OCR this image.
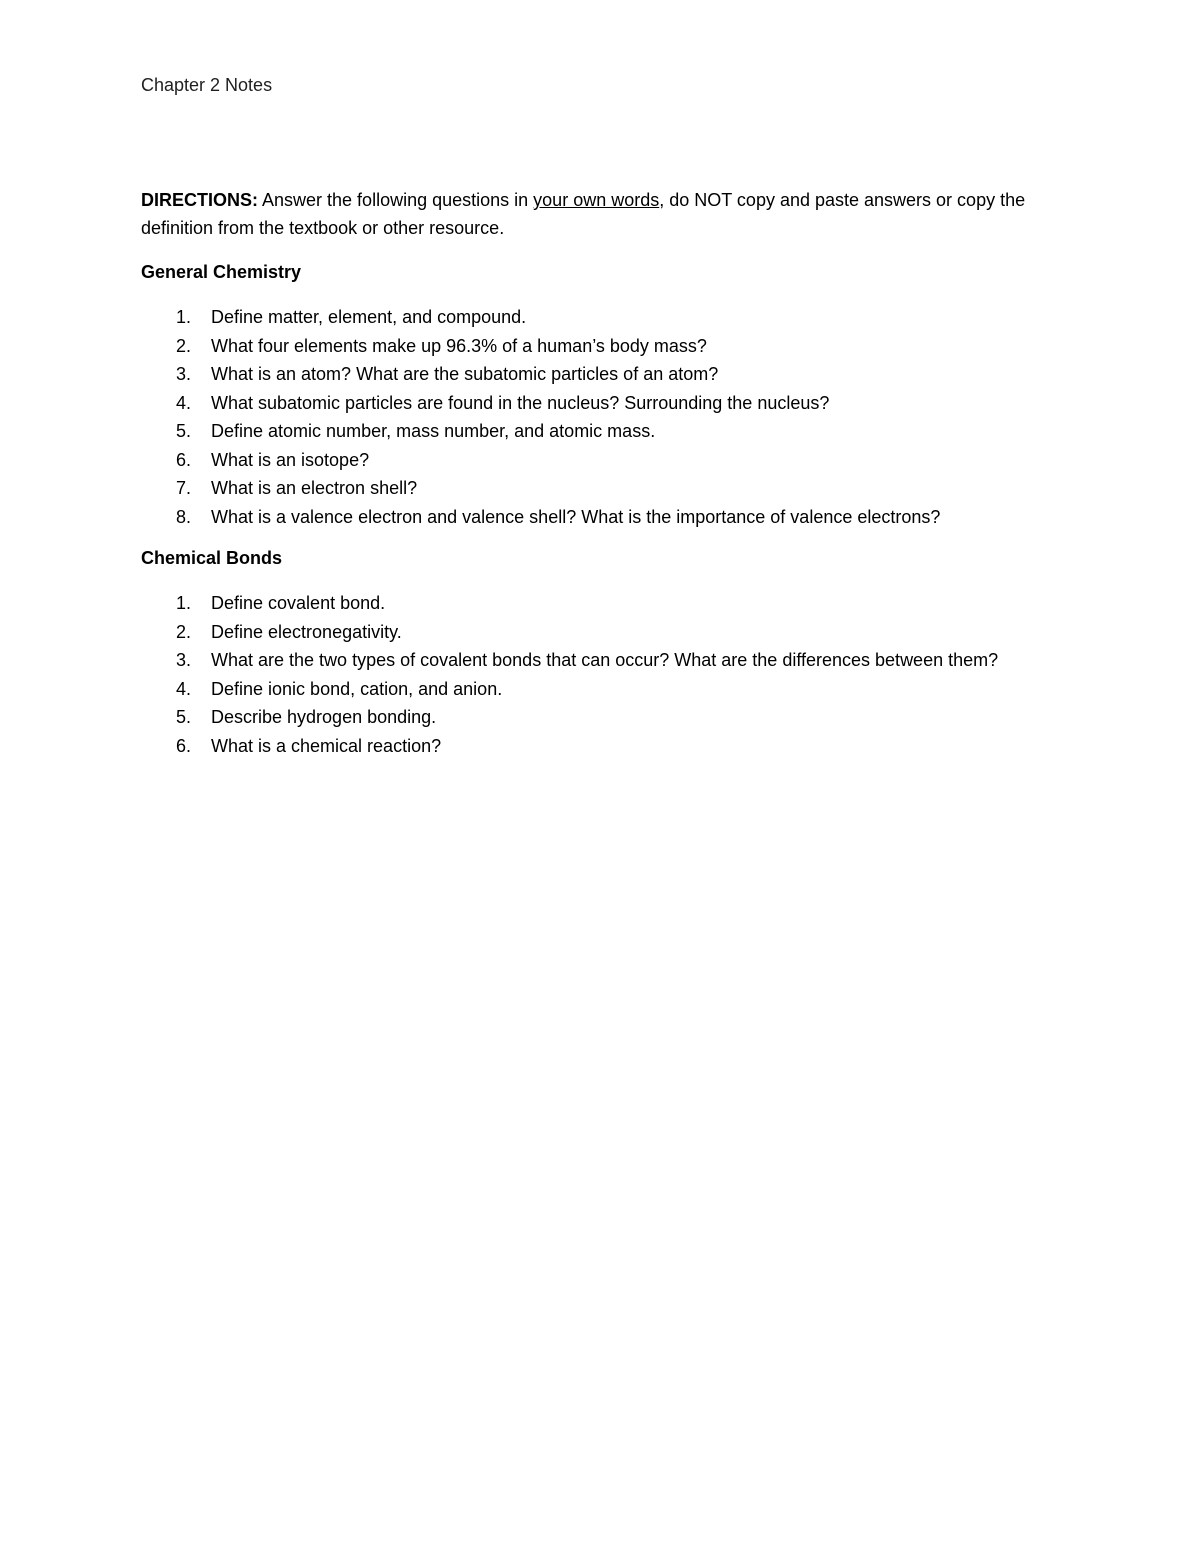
Chapter 2 Notes
DIRECTIONS: Answer the following questions in your own words, do NOT copy and paste answers or copy the definition from the textbook or other resource.
General Chemistry
1.	Define matter, element, and compound.
2.	What four elements make up 96.3% of a human’s body mass?
3.	What is an atom? What are the subatomic particles of an atom?
4.	What subatomic particles are found in the nucleus? Surrounding the nucleus?
5.	Define atomic number, mass number, and atomic mass.
6.	What is an isotope?
7.	What is an electron shell?
8.	What is a valence electron and valence shell? What is the importance of valence electrons?
Chemical Bonds
1.	Define covalent bond.
2.	Define electronegativity.
3.	What are the two types of covalent bonds that can occur? What are the differences between them?
4.	Define ionic bond, cation, and anion.
5.	Describe hydrogen bonding.
6.	What is a chemical reaction?
